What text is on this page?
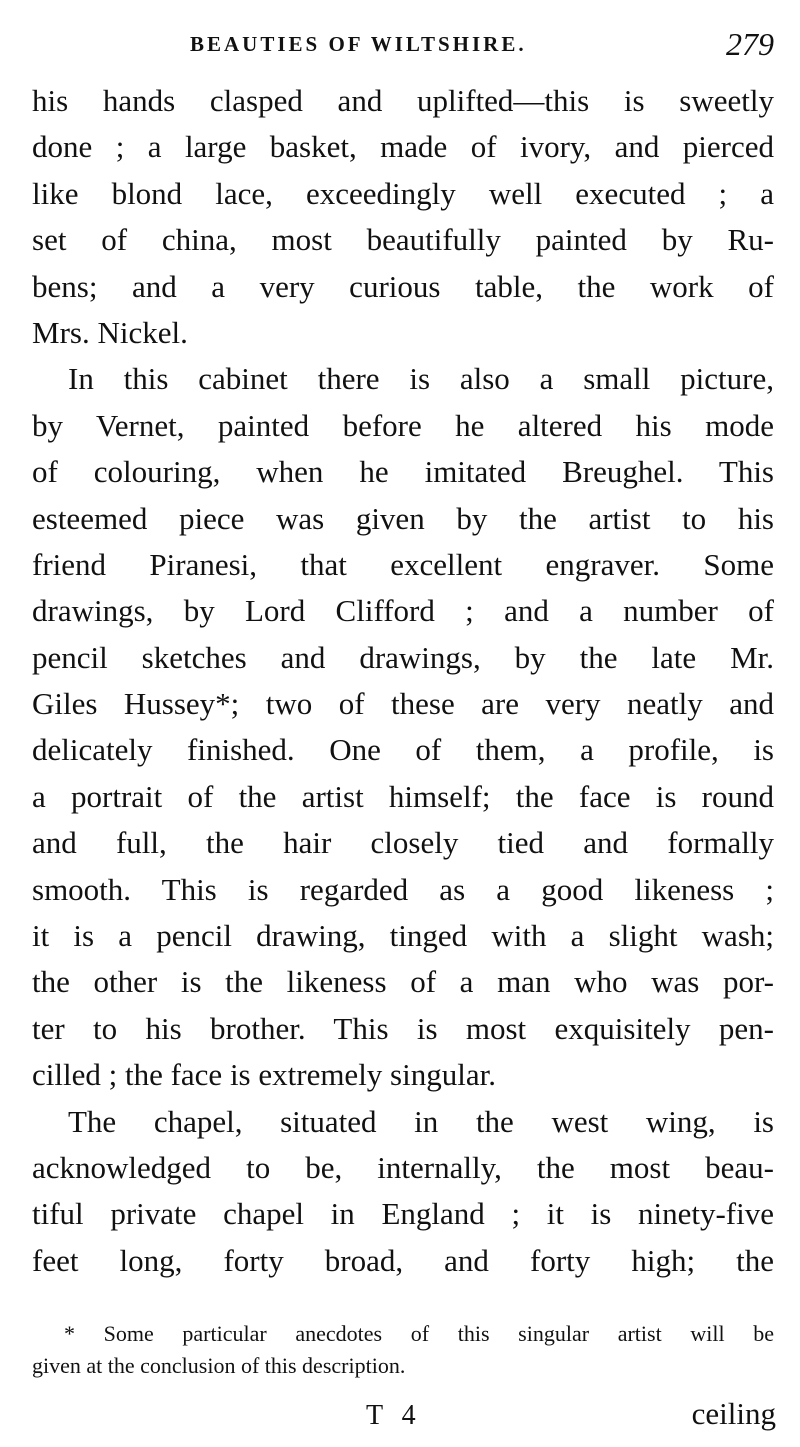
BEAUTIES OF WILTSHIRE.	279
his hands clasped and uplifted—this is sweetly
done ; a large basket, made of ivory, and pierced
like blond lace, exceedingly well executed ; a
set of china, most beautifully painted by Ru-
bens; and a very curious table, the work of
Mrs. Nickel.
In this cabinet there is also a small picture,
by Vernet, painted before he altered his mode
of colouring, when he imitated Breughel. This
esteemed piece was given by the artist to his
friend Piranesi, that excellent engraver. Some
drawings, by Lord Clifford ; and a number of
pencil sketches and drawings, by the late Mr.
Giles Hussey*; two of these are very neatly and
delicately finished. One of them, a profile, is
a portrait of the artist himself; the face is round
and full, the hair closely tied and formally
smooth. This is regarded as a good likeness ;
it is a pencil drawing, tinged with a slight wash;
the other is the likeness of a man who was por-
ter to his brother. This is most exquisitely pen-
cilled ; the face is extremely singular.
The chapel, situated in the west wing, is
acknowledged to be, internally, the most beau-
tiful private chapel in England ; it is ninety-five
feet long, forty broad, and forty high; the
* Some particular anecdotes of this singular artist will be
given at the conclusion of this description.
T 4	ceiling
